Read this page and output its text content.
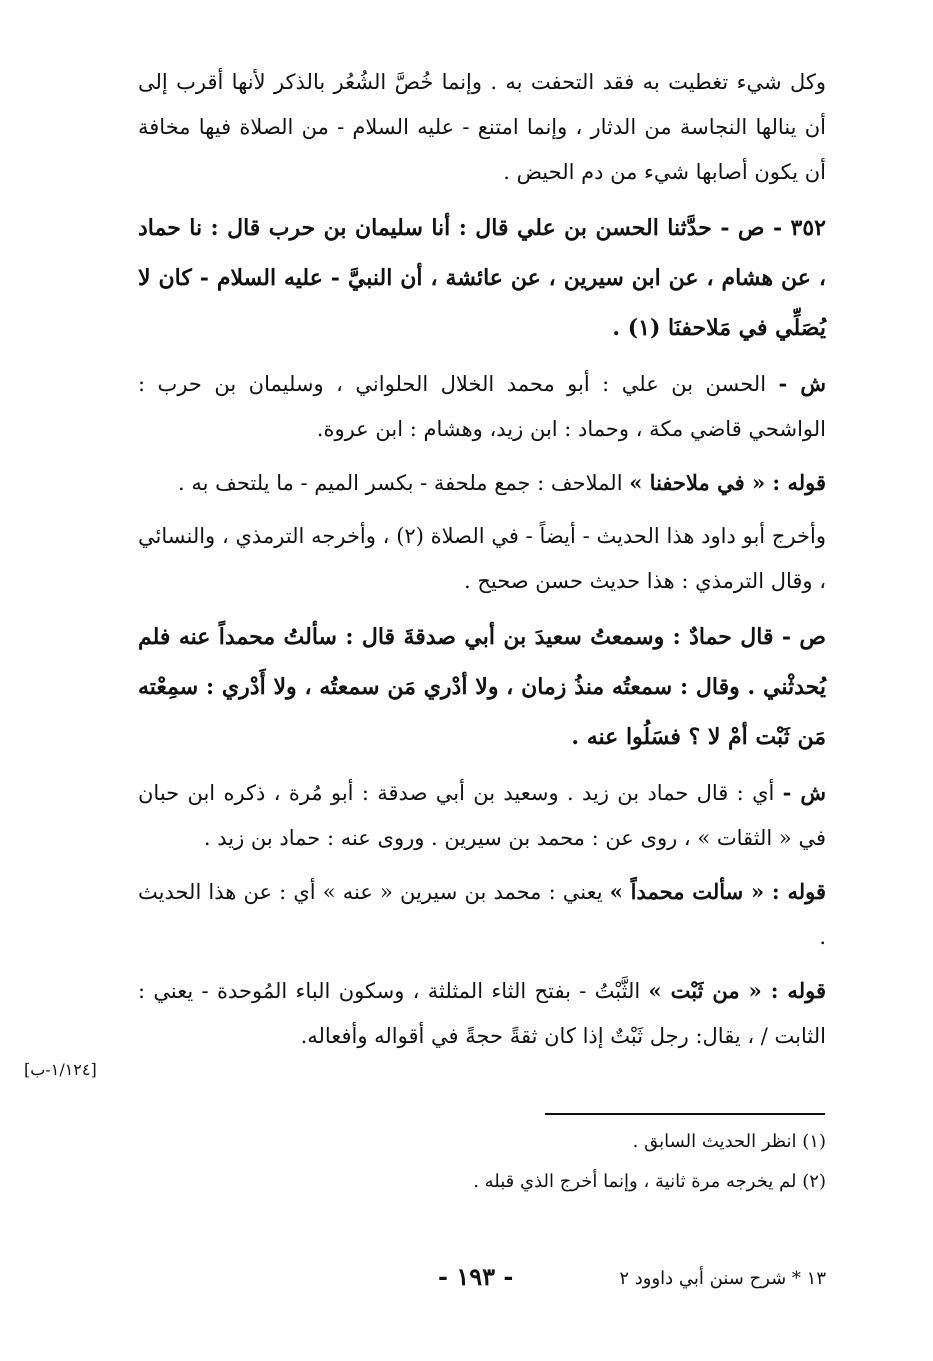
وكل شيء تغطيت به فقد التحفت به . وإنما خُصَّ الشُعُر بالذكر لأنها أقرب إلى أن ينالها النجاسة من الدثار ، وإنما امتنع - عليه السلام - من الصلاة فيها مخافة أن يكون أصابها شيء من دم الحيض .

٣٥٢ - ص - حدَّثنا الحسن بن علي قال : أنا سليمان بن حرب قال : نا حماد ، عن هشام ، عن ابن سيرين ، عن عائشة ، أن النبيَّ - عليه السلام - كان لا يُصَلِّي في مَلاحفنَا (١) .

ش - الحسن بن علي : أبو محمد الخلال الحلواني ، وسليمان بن حرب : الواشحي قاضي مكة ، وحماد : ابن زيد، وهشام : ابن عروة.

قوله : « في ملاحفنا » الملاحف : جمع ملحفة - بكسر الميم - ما يلتحف به .

وأخرج أبو داود هذا الحديث - أيضاً - في الصلاة (٢) ، وأخرجه الترمذي ، والنسائي ، وقال الترمذي : هذا حديث حسن صحيح .

ص - قال حمادٌ : وسمعتُ سعيدَ بن أبي صدقةَ قال : سألتُ محمداً عنه فلم يُحدثْني . وقال : سمعتُه منذُ زمان ، ولا أدْري مَن سمعتُه ، ولا أَدْري : سمِعْته مَن ثَبْت أمْ لا ؟ فسَلُوا عنه .

ش - أي : قال حماد بن زيد . وسعيد بن أبي صدقة : أبو مُرة ، ذكره ابن حبان في « الثقات » ، روى عن : محمد بن سيرين . وروى عنه : حماد بن زيد .

قوله : « سألت محمداً » يعني : محمد بن سيرين « عنه » أي : عن هذا الحديث .

قوله : « من ثَبْت » الثَّبْتُ - بفتح الثاء المثلثة ، وسكون الباء المُوحدة - يعني : الثابت / ، يقال: رجل ثَبْتٌ إذا كان ثقةً حجةً في أقواله وأفعاله.

[١/١٢٤-ب]
(١) انظر الحديث السابق .
(٢) لم يخرجه مرة ثانية ، وإنما أخرج الذي قبله .
١٣ * شرح سنن أبي داوود ٢
- ١٩٣ -
